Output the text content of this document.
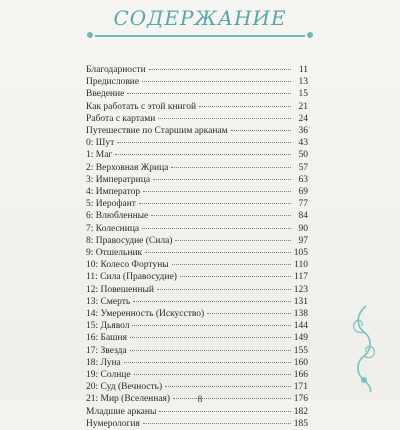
СОДЕРЖАНИЕ
Благодарности	11
Предисловие	13
Введение	15
Как работать с этой книгой	21
Работа с картами	24
Путешествие по Старшим арканам	36
0: Шут	43
1: Маг	50
2: Верховная Жрица	57
3: Императрица	63
4: Император	69
5: Иерофант	77
6: Влюбленные	84
7: Колесница	90
8: Правосудие (Сила)	97
9: Отшельник	105
10: Колесо Фортуны	110
11: Сила (Правосудие)	117
12: Повешенный	123
13: Смерть	131
14: Умеренность (Искусство)	138
15: Дьявол	144
16: Башня	149
17: Звезда	155
18: Луна	160
19: Солнце	166
20: Суд (Вечность)	171
21: Мир (Вселенная)	176
Младшие арканы	182
Нумерология	185
8
